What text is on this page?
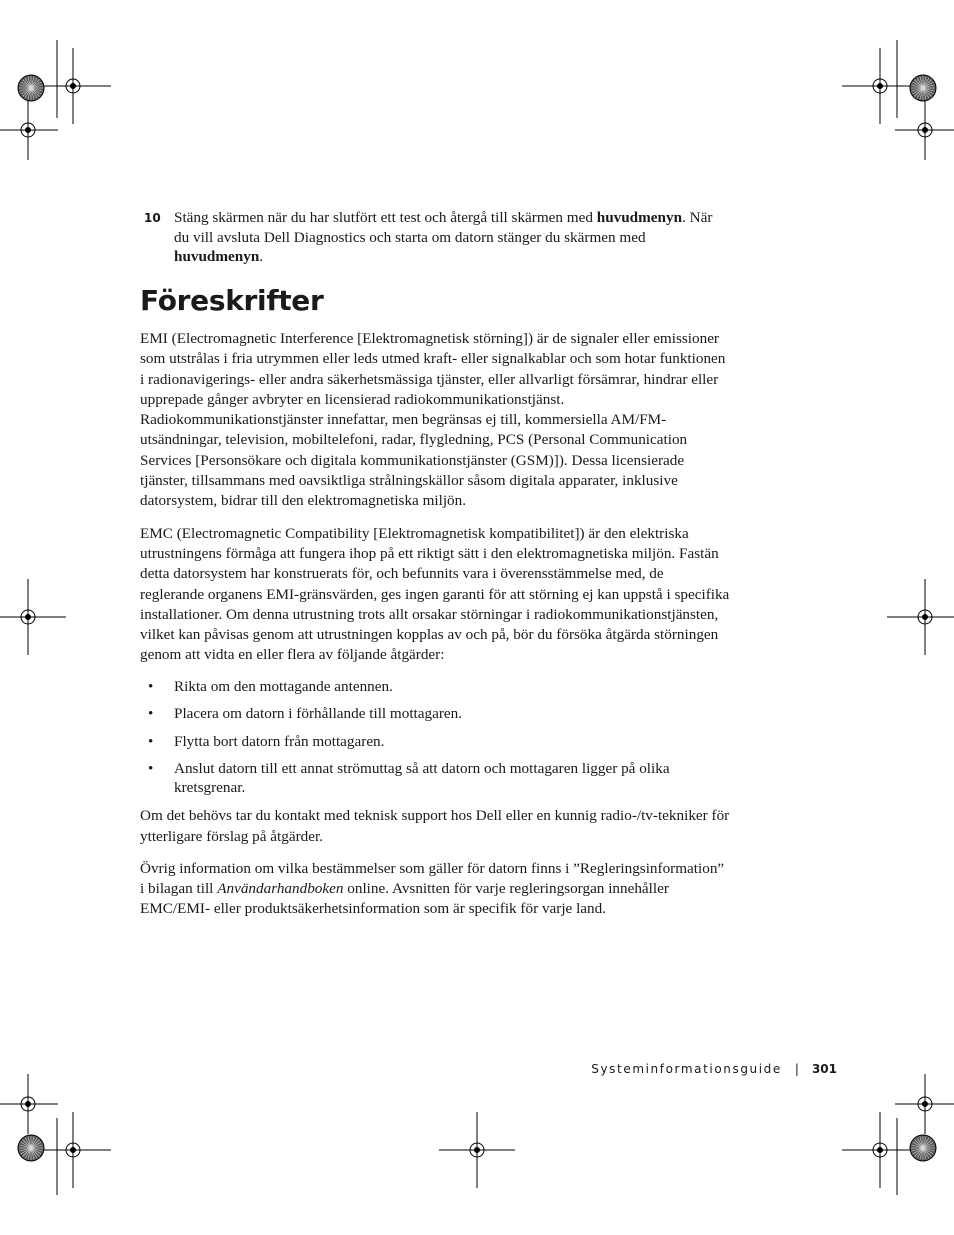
10 Stäng skärmen när du har slutfört ett test och återgå till skärmen med huvudmenyn. När du vill avsluta Dell Diagnostics och starta om datorn stänger du skärmen med huvudmenyn.
Föreskrifter

EMI (Electromagnetic Interference [Elektromagnetisk störning]) är de signaler eller emissioner som utstrålas i fria utrymmen eller leds utmed kraft- eller signalkablar och som hotar funktionen i radionavigerings- eller andra säkerhetsmässiga tjänster, eller allvarligt försämrar, hindrar eller upprepade gånger avbryter en licensierad radiokommunikationstjänst. Radiokommunikationstjänster innefattar, men begränsas ej till, kommersiella AM/FM-utsändningar, television, mobiltelefoni, radar, flygledning, PCS (Personal Communication Services [Personsökare och digitala kommunikationstjänster (GSM)]). Dessa licensierade tjänster, tillsammans med oavsiktliga strålningskällor såsom digitala apparater, inklusive datorsystem, bidrar till den elektromagnetiska miljön.

EMC (Electromagnetic Compatibility [Elektromagnetisk kompatibilitet]) är den elektriska utrustningens förmåga att fungera ihop på ett riktigt sätt i den elektromagnetiska miljön. Fastän detta datorsystem har konstruerats för, och befunnits vara i överensstämmelse med, de reglerande organens EMI-gränsvärden, ges ingen garanti för att störning ej kan uppstå i specifika installationer. Om denna utrustning trots allt orsakar störningar i radiokommunikationstjänsten, vilket kan påvisas genom att utrustningen kopplas av och på, bör du försöka åtgärda störningen genom att vidta en eller flera av följande åtgärder:

• Rikta om den mottagande antennen.
• Placera om datorn i förhållande till mottagaren.
• Flytta bort datorn från mottagaren.
• Anslut datorn till ett annat strömuttag så att datorn och mottagaren ligger på olika kretsgrenar.

Om det behövs tar du kontakt med teknisk support hos Dell eller en kunnig radio-/tv-tekniker för ytterligare förslag på åtgärder.

Övrig information om vilka bestämmelser som gäller för datorn finns i ”Regleringsinformation” i bilagan till Användarhandboken online. Avsnitten för varje regleringsorgan innehåller EMC/EMI- eller produktsäkerhetsinformation som är specifik för varje land.

Systeminformationsguide | 301
